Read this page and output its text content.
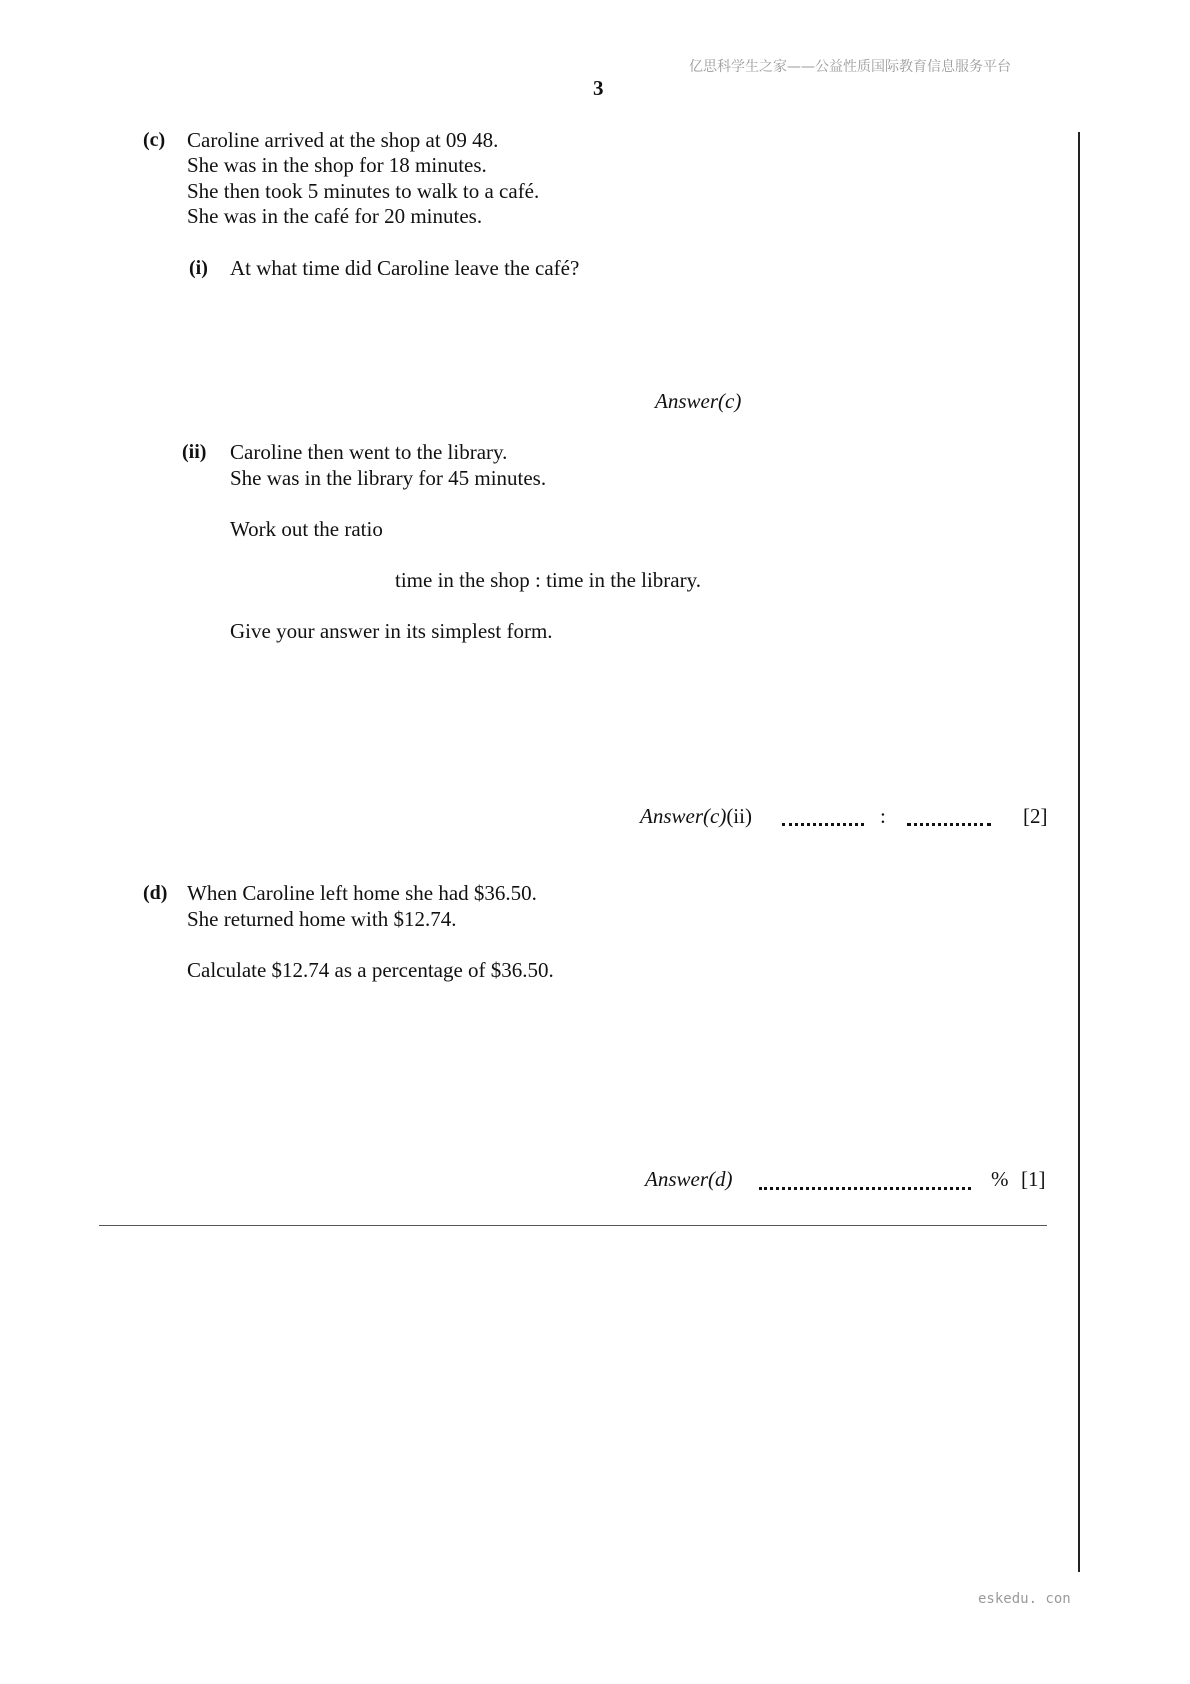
亿思科学生之家——公益性质国际教育信息服务平台
3
(c) Caroline arrived at the shop at 09 48.
She was in the shop for 18 minutes.
She then took 5 minutes to walk to a café.
She was in the café for 20 minutes.
(i) At what time did Caroline leave the café?
Answer(c)
(ii) Caroline then went to the library.
She was in the library for 45 minutes.
Work out the ratio
time in the shop : time in the library.
Give your answer in its simplest form.
Answer(c)(ii)	:	[2]
(d) When Caroline left home she had $36.50.
She returned home with $12.74.
Calculate $12.74 as a percentage of $36.50.
Answer(d)	% [1]
eskedu. con
